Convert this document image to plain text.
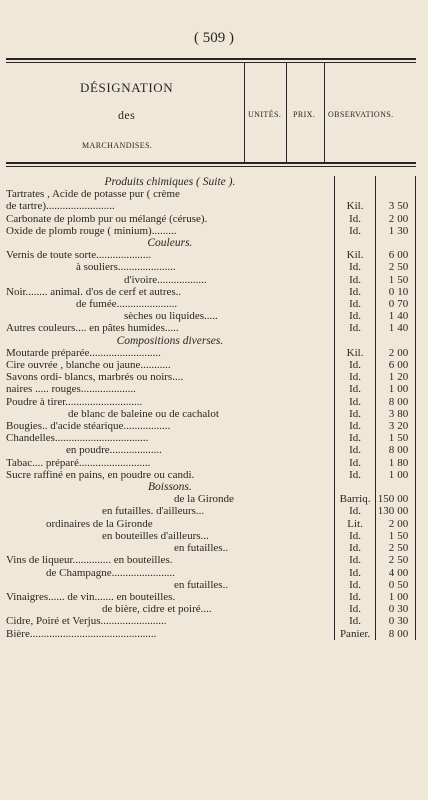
( 509 )
DÉSIGNATION
des
MARCHANDISES.
UNITÉS. PRIX. OBSERVATIONS.
Produits chimiques ( Suite ).			
Tartrates , Acide de potasse pur ( crème			
de tartre).........................	Kil.	3 50	
Carbonate de plomb pur ou mélangé (céruse).	Id.	2 00	
Oxide de plomb rouge ( minium).........	Id.	1 30	
Couleurs.			
Vernis de toute sorte....................	Kil.	6 00	
à souliers.....................	Id.	2 50	
d'ivoire..................	Id.	1 50	
Noir........ animal. d'os de cerf et autres..	Id.	0 10	
de fumée......................	Id.	0 70	
sèches ou liquides.....	Id.	1 40	
Autres couleurs.... en pâtes humides.....	Id.	1 40	
Compositions diverses.			
Moutarde préparée..........................	Kil.	2 00	
Cire ouvrée , blanche ou jaune...........	Id.	6 00	
Savons ordi- blancs, marbrés ou noirs....	Id.	1 20	
naires ..... rouges....................	Id.	1 00	
Poudre à tirer............................	Id.	8 00	
de blanc de baleine ou de cachalot	Id.	3 80	
Bougies.. d'acide stéarique.................	Id.	3 20	
Chandelles..................................	Id.	1 50	
en poudre...................	Id.	8 00	
Tabac.... préparé..........................	Id.	1 80	
Sucre raffiné en pains, en poudre ou candi.	Id.	1 00	
Boissons.			
de la Gironde	Barriq.	150 00	
en futailles. d'ailleurs...	Id.	130 00	
ordinaires de la Gironde	Lit.	2 00	
en bouteilles d'ailleurs...	Id.	1 50	
en futailles..	Id.	2 50	
Vins de liqueur.............. en bouteilles.	Id.	2 50	
de Champagne.......................	Id.	4 00	
en futailles..	Id.	0 50	
Vinaigres...... de vin....... en bouteilles.	Id.	1 00	
de bière, cidre et poiré....	Id.	0 30	
Cidre, Poiré et Verjus........................	Id.	0 30	
Bière..............................................	Panier.	8 00	
